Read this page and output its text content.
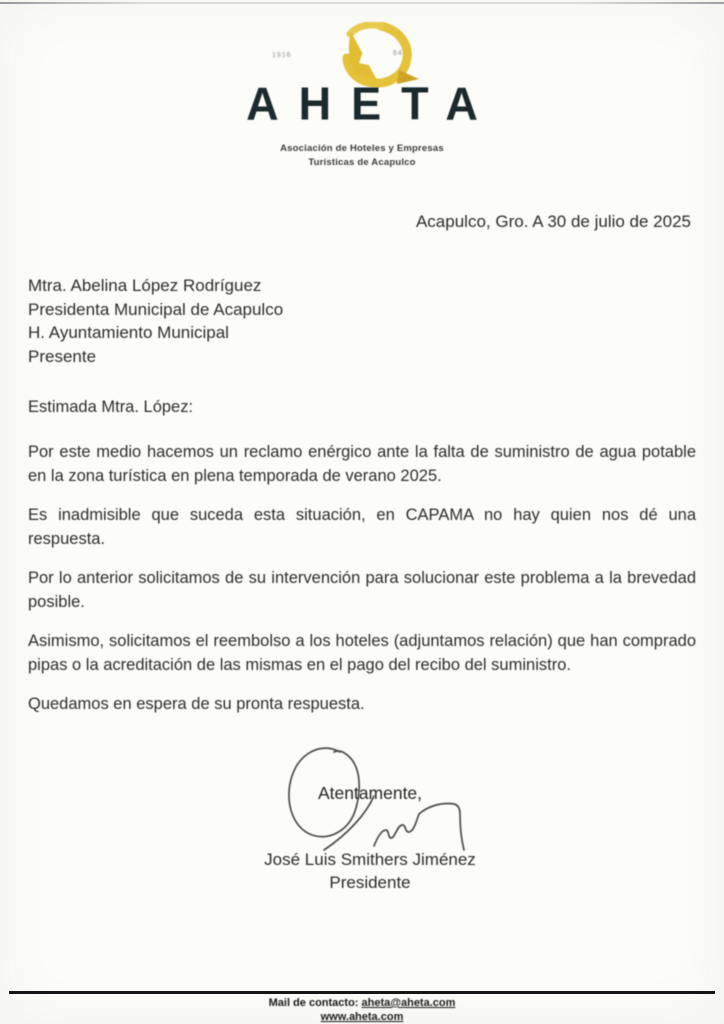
1916	64
AHETA
Asociación de Hoteles y Empresas
Turísticas de Acapulco
Acapulco, Gro. A 30 de julio de 2025
Mtra. Abelina López Rodríguez
Presidenta Municipal de Acapulco
H. Ayuntamiento Municipal
Presente
Estimada Mtra. López:

Por este medio hacemos un reclamo enérgico ante la falta de suministro de agua potable en la zona turística en plena temporada de verano 2025.

Es inadmisible que suceda esta situación, en CAPAMA no hay quien nos dé una respuesta.

Por lo anterior solicitamos de su intervención para solucionar este problema a la brevedad posible.

Asimismo, solicitamos el reembolso a los hoteles (adjuntamos relación) que han comprado pipas o la acreditación de las mismas en el pago del recibo del suministro.

Quedamos en espera de su pronta respuesta.

Atentamente,
José Luis Smithers Jiménez
Presidente
Mail de contacto: aheta@aheta.com
www.aheta.com
